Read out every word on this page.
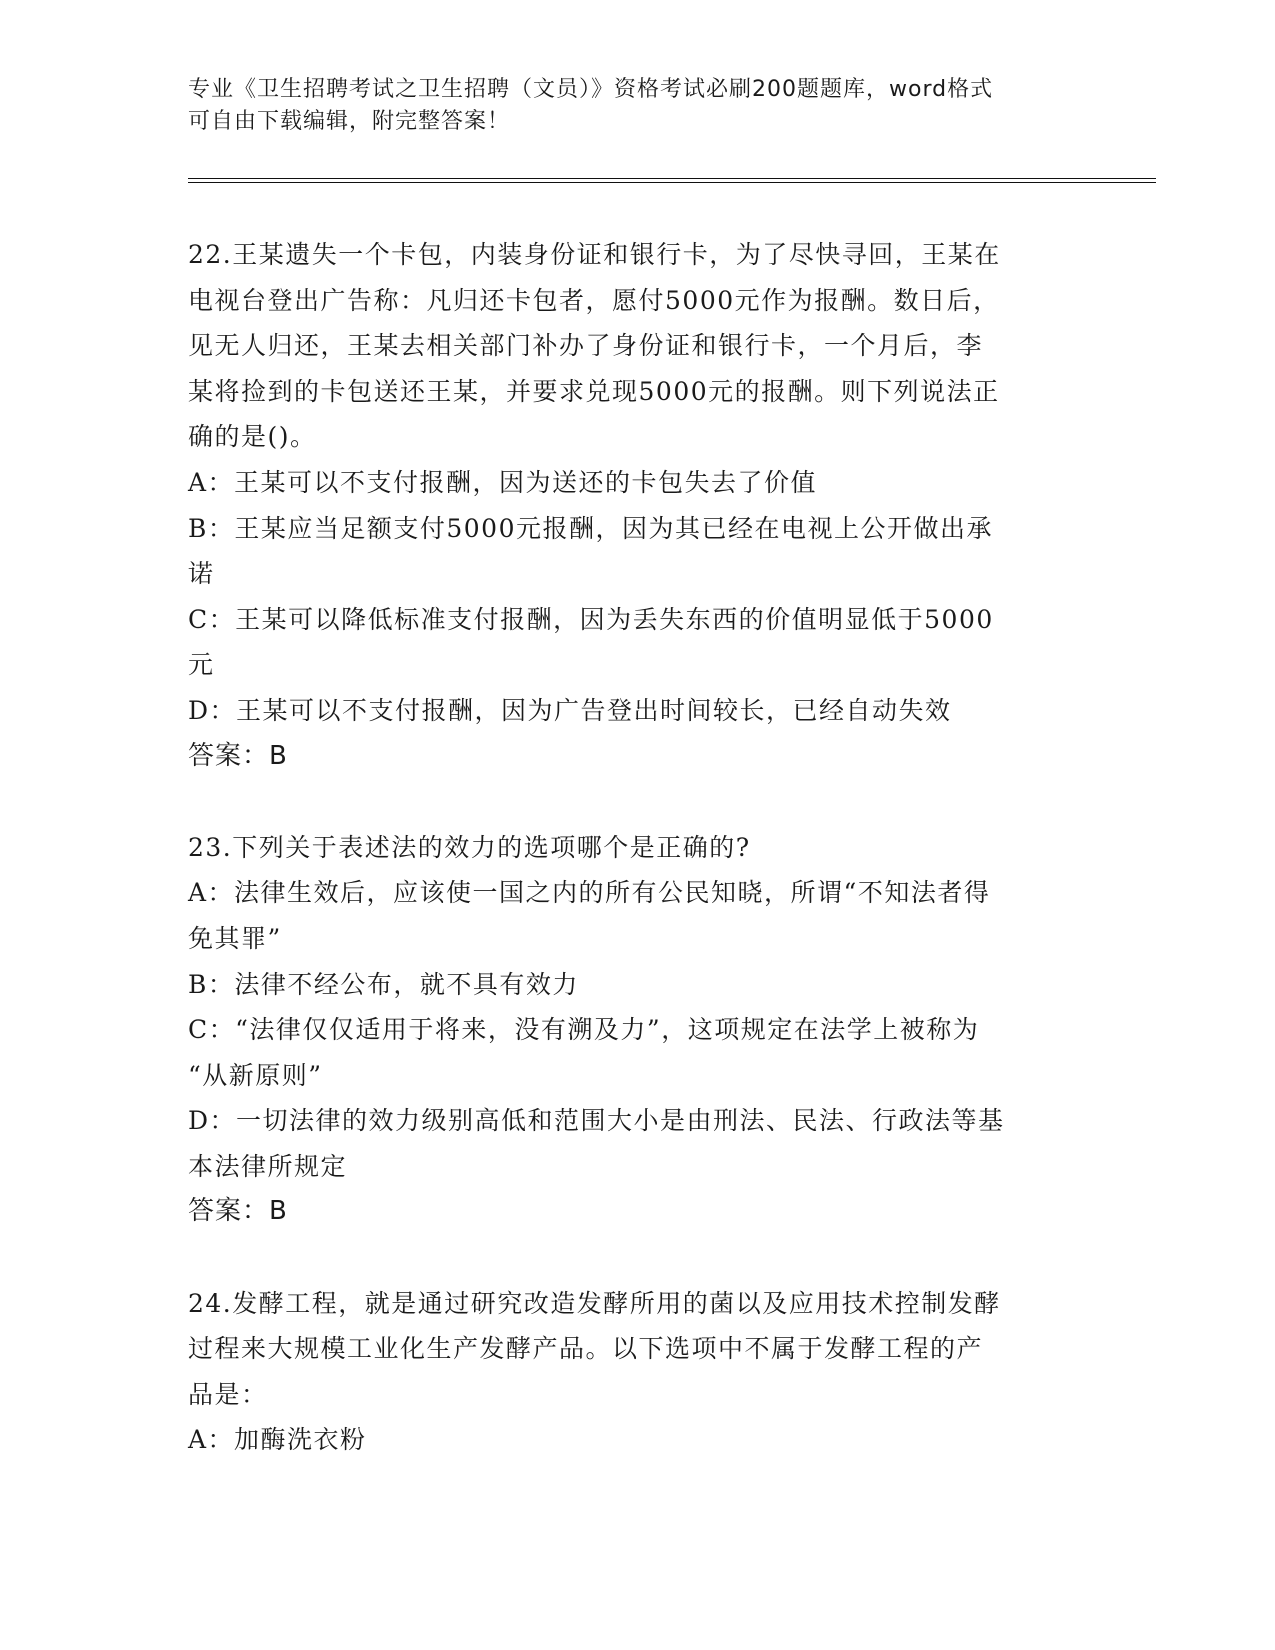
专业《卫生招聘考试之卫生招聘（文员）》资格考试必刷200题题库，word格式

可自由下载编辑，附完整答案！

22.王某遗失一个卡包，内装身份证和银行卡，为了尽快寻回，王某在

电视台登出广告称：凡归还卡包者，愿付5000元作为报酬。数日后，

见无人归还，王某去相关部门补办了身份证和银行卡，一个月后，李

某将捡到的卡包送还王某，并要求兑现5000元的报酬。则下列说法正

确的是()。

A：王某可以不支付报酬，因为送还的卡包失去了价值

B：王某应当足额支付5000元报酬，因为其已经在电视上公开做出承

诺

C：王某可以降低标准支付报酬，因为丢失东西的价值明显低于5000

元

D：王某可以不支付报酬，因为广告登出时间较长，已经自动失效

答案：B

23.下列关于表述法的效力的选项哪个是正确的?

A：法律生效后，应该使一国之内的所有公民知晓，所谓“不知法者得

免其罪”

B：法律不经公布，就不具有效力

C：“法律仅仅适用于将来，没有溯及力”，这项规定在法学上被称为

“从新原则”

D：一切法律的效力级别高低和范围大小是由刑法、民法、行政法等基

本法律所规定

答案：B

24.发酵工程，就是通过研究改造发酵所用的菌以及应用技术控制发酵

过程来大规模工业化生产发酵产品。以下选项中不属于发酵工程的产

品是：

A：加酶洗衣粉
